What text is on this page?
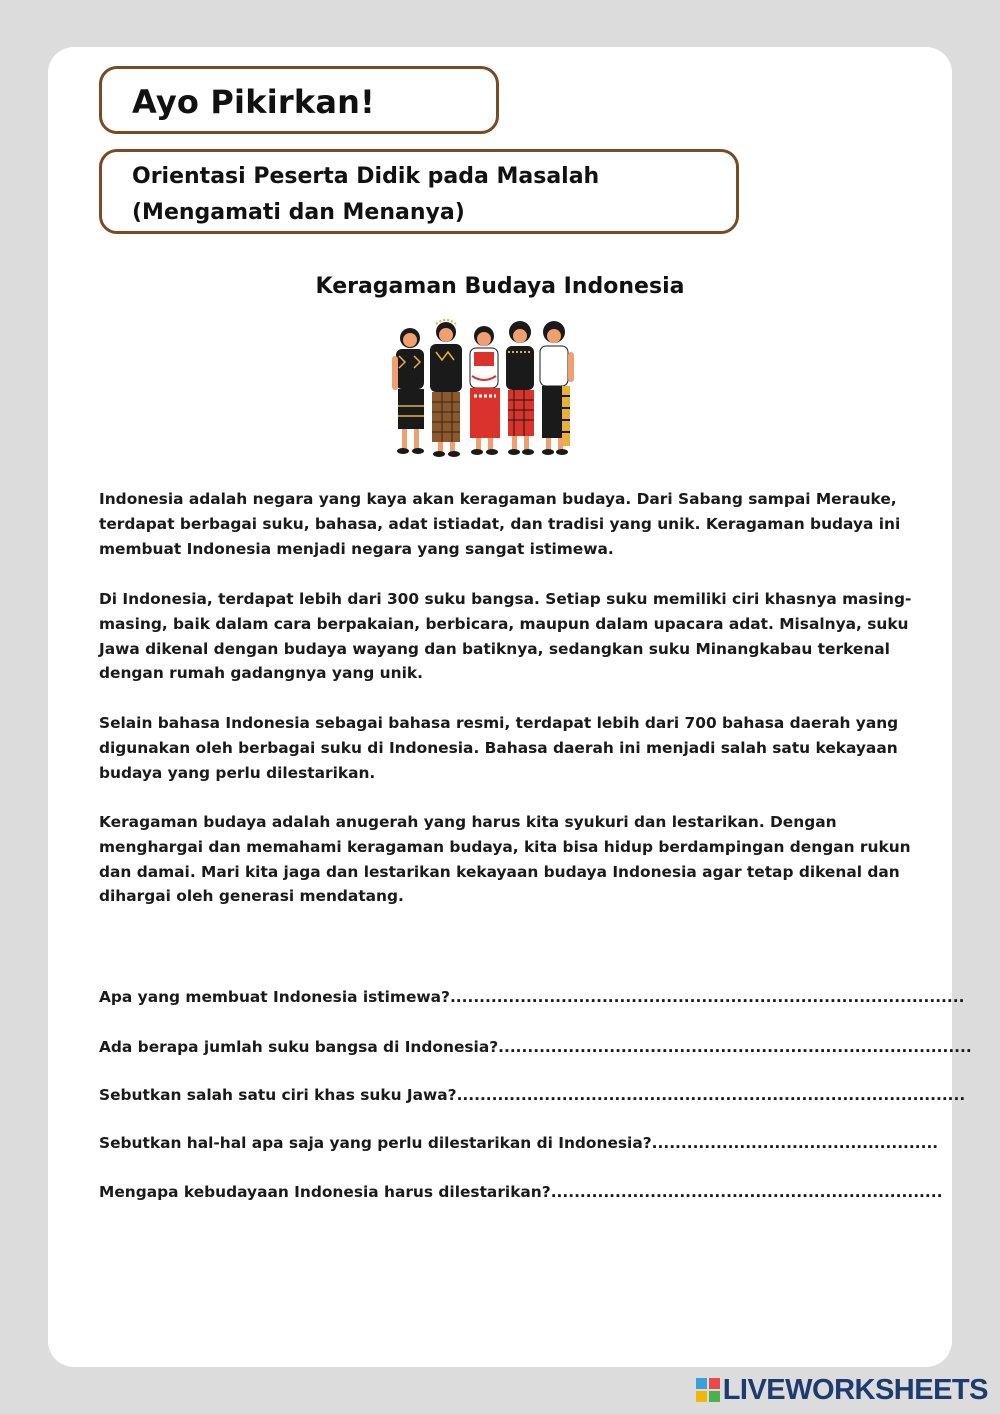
Ayo Pikirkan!
Orientasi Peserta Didik pada Masalah
(Mengamati dan Menanya)
Keragaman Budaya Indonesia

Indonesia adalah negara yang kaya akan keragaman budaya. Dari Sabang sampai Merauke, terdapat berbagai suku, bahasa, adat istiadat, dan tradisi yang unik. Keragaman budaya ini membuat Indonesia menjadi negara yang sangat istimewa.

Di Indonesia, terdapat lebih dari 300 suku bangsa. Setiap suku memiliki ciri khasnya masing-masing, baik dalam cara berpakaian, berbicara, maupun dalam upacara adat. Misalnya, suku Jawa dikenal dengan budaya wayang dan batiknya, sedangkan suku Minangkabau terkenal dengan rumah gadangnya yang unik.

Selain bahasa Indonesia sebagai bahasa resmi, terdapat lebih dari 700 bahasa daerah yang digunakan oleh berbagai suku di Indonesia. Bahasa daerah ini menjadi salah satu kekayaan budaya yang perlu dilestarikan.

Keragaman budaya adalah anugerah yang harus kita syukuri dan lestarikan. Dengan menghargai dan memahami keragaman budaya, kita bisa hidup berdampingan dengan rukun dan damai. Mari kita jaga dan lestarikan kekayaan budaya Indonesia agar tetap dikenal dan dihargai oleh generasi mendatang.

Apa yang membuat Indonesia istimewa? ........................................................................................
Ada berapa jumlah suku bangsa di Indonesia? .................................................................................
Sebutkan salah satu ciri khas suku Jawa? .......................................................................................
Sebutkan hal-hal apa saja yang perlu dilestarikan di Indonesia? .................................................
Mengapa kebudayaan Indonesia harus dilestarikan? ...................................................................
LIVEWORKSHEETS
